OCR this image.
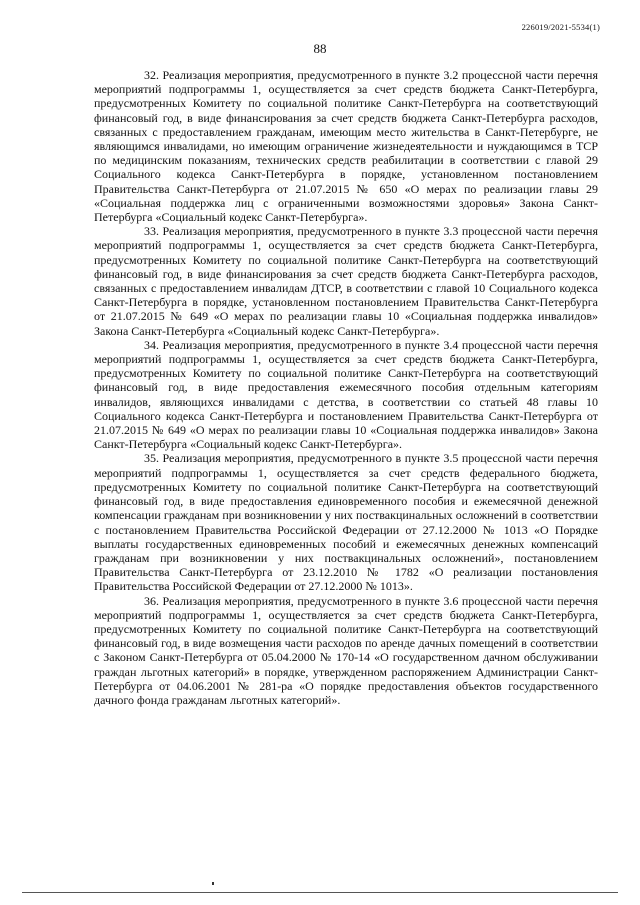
226019/2021-5534(1)
88

32. Реализация мероприятия, предусмотренного в пункте 3.2 процессной части перечня мероприятий подпрограммы 1, осуществляется за счет средств бюджета Санкт-Петербурга, предусмотренных Комитету по социальной политике Санкт-Петербурга на соответствующий финансовый год, в виде финансирования за счет средств бюджета Санкт-Петербурга расходов, связанных с предоставлением гражданам, имеющим место жительства в Санкт-Петербурге, не являющимся инвалидами, но имеющим ограничение жизнедеятельности и нуждающимся в ТСР по медицинским показаниям, технических средств реабилитации в соответствии с главой 29 Социального кодекса Санкт-Петербурга в порядке, установленном постановлением Правительства Санкт-Петербурга от 21.07.2015 № 650 «О мерах по реализации главы 29 «Социальная поддержка лиц с ограниченными возможностями здоровья» Закона Санкт-Петербурга «Социальный кодекс Санкт-Петербурга».

33. Реализация мероприятия, предусмотренного в пункте 3.3 процессной части перечня мероприятий подпрограммы 1, осуществляется за счет средств бюджета Санкт-Петербурга, предусмотренных Комитету по социальной политике Санкт-Петербурга на соответствующий финансовый год, в виде финансирования за счет средств бюджета Санкт-Петербурга расходов, связанных с предоставлением инвалидам ДТСР, в соответствии с главой 10 Социального кодекса Санкт-Петербурга в порядке, установленном постановлением Правительства Санкт-Петербурга от 21.07.2015 № 649 «О мерах по реализации главы 10 «Социальная поддержка инвалидов» Закона Санкт-Петербурга «Социальный кодекс Санкт-Петербурга».

34. Реализация мероприятия, предусмотренного в пункте 3.4 процессной части перечня мероприятий подпрограммы 1, осуществляется за счет средств бюджета Санкт-Петербурга, предусмотренных Комитету по социальной политике Санкт-Петербурга на соответствующий финансовый год, в виде предоставления ежемесячного пособия отдельным категориям инвалидов, являющихся инвалидами с детства, в соответствии со статьей 48 главы 10 Социального кодекса Санкт-Петербурга и постановлением Правительства Санкт-Петербурга от 21.07.2015 № 649 «О мерах по реализации главы 10 «Социальная поддержка инвалидов» Закона Санкт-Петербурга «Социальный кодекс Санкт-Петербурга».

35. Реализация мероприятия, предусмотренного в пункте 3.5 процессной части перечня мероприятий подпрограммы 1, осуществляется за счет средств федерального бюджета, предусмотренных Комитету по социальной политике Санкт-Петербурга на соответствующий финансовый год, в виде предоставления единовременного пособия и ежемесячной денежной компенсации гражданам при возникновении у них поствакцинальных осложнений в соответствии с постановлением Правительства Российской Федерации от 27.12.2000 № 1013 «О Порядке выплаты государственных единовременных пособий и ежемесячных денежных компенсаций гражданам при возникновении у них поствакцинальных осложнений», постановлением Правительства Санкт-Петербурга от 23.12.2010 № 1782 «О реализации постановления Правительства Российской Федерации от 27.12.2000 № 1013».

36. Реализация мероприятия, предусмотренного в пункте 3.6 процессной части перечня мероприятий подпрограммы 1, осуществляется за счет средств бюджета Санкт-Петербурга, предусмотренных Комитету по социальной политике Санкт-Петербурга на соответствующий финансовый год, в виде возмещения части расходов по аренде дачных помещений в соответствии с Законом Санкт-Петербурга от 05.04.2000 № 170-14 «О государственном дачном обслуживании граждан льготных категорий» в порядке, утвержденном распоряжением Администрации Санкт-Петербурга от 04.06.2001 № 281-ра «О порядке предоставления объектов государственного дачного фонда гражданам льготных категорий».
